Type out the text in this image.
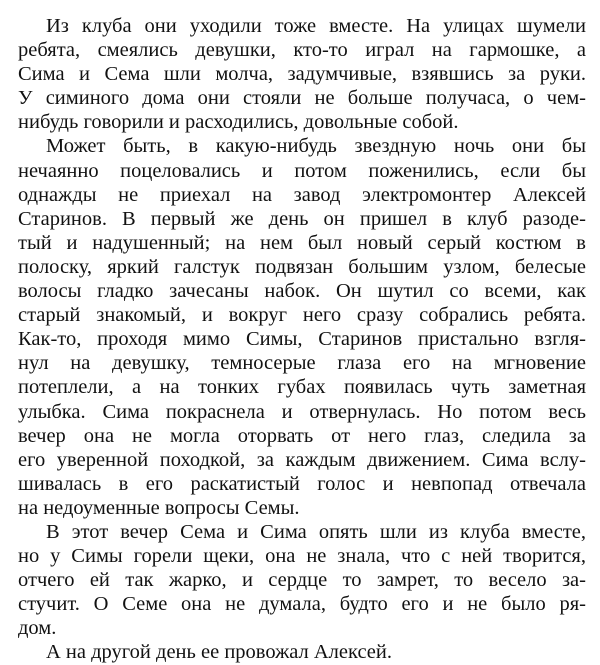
Из клуба они уходили тоже вместе. На улицах шумели
ребята, смеялись девушки, кто-то играл на гармошке, а
Сима и Сема шли молча, задумчивые, взявшись за руки.
У симиного дома они стояли не больше получаса, о чем-
нибудь говорили и расходились, довольные собой.
Может быть, в какую-нибудь звездную ночь они бы
нечаянно поцеловались и потом поженились, если бы
однажды не приехал на завод электромонтер Алексей
Старинов. В первый же день он пришел в клуб разоде-
тый и надушенный; на нем был новый серый костюм в
полоску, яркий галстук подвязан большим узлом, белесые
волосы гладко зачесаны набок. Он шутил со всеми, как
старый знакомый, и вокруг него сразу собрались ребята.
Как-то, проходя мимо Симы, Старинов пристально взгля-
нул на девушку, темносерые глаза его на мгновение
потеплели, а на тонких губах появилась чуть заметная
улыбка. Сима покраснела и отвернулась. Но потом весь
вечер она не могла оторвать от него глаз, следила за
его уверенной походкой, за каждым движением. Сима вслу-
шивалась в его раскатистый голос и невпопад отвечала
на недоуменные вопросы Семы.
В этот вечер Сема и Сима опять шли из клуба вместе,
но у Симы горели щеки, она не знала, что с ней творится,
отчего ей так жарко, и сердце то замрет, то весело за-
стучит. О Семе она не думала, будто его и не было ря-
дом.
А на другой день ее провожал Алексей.
